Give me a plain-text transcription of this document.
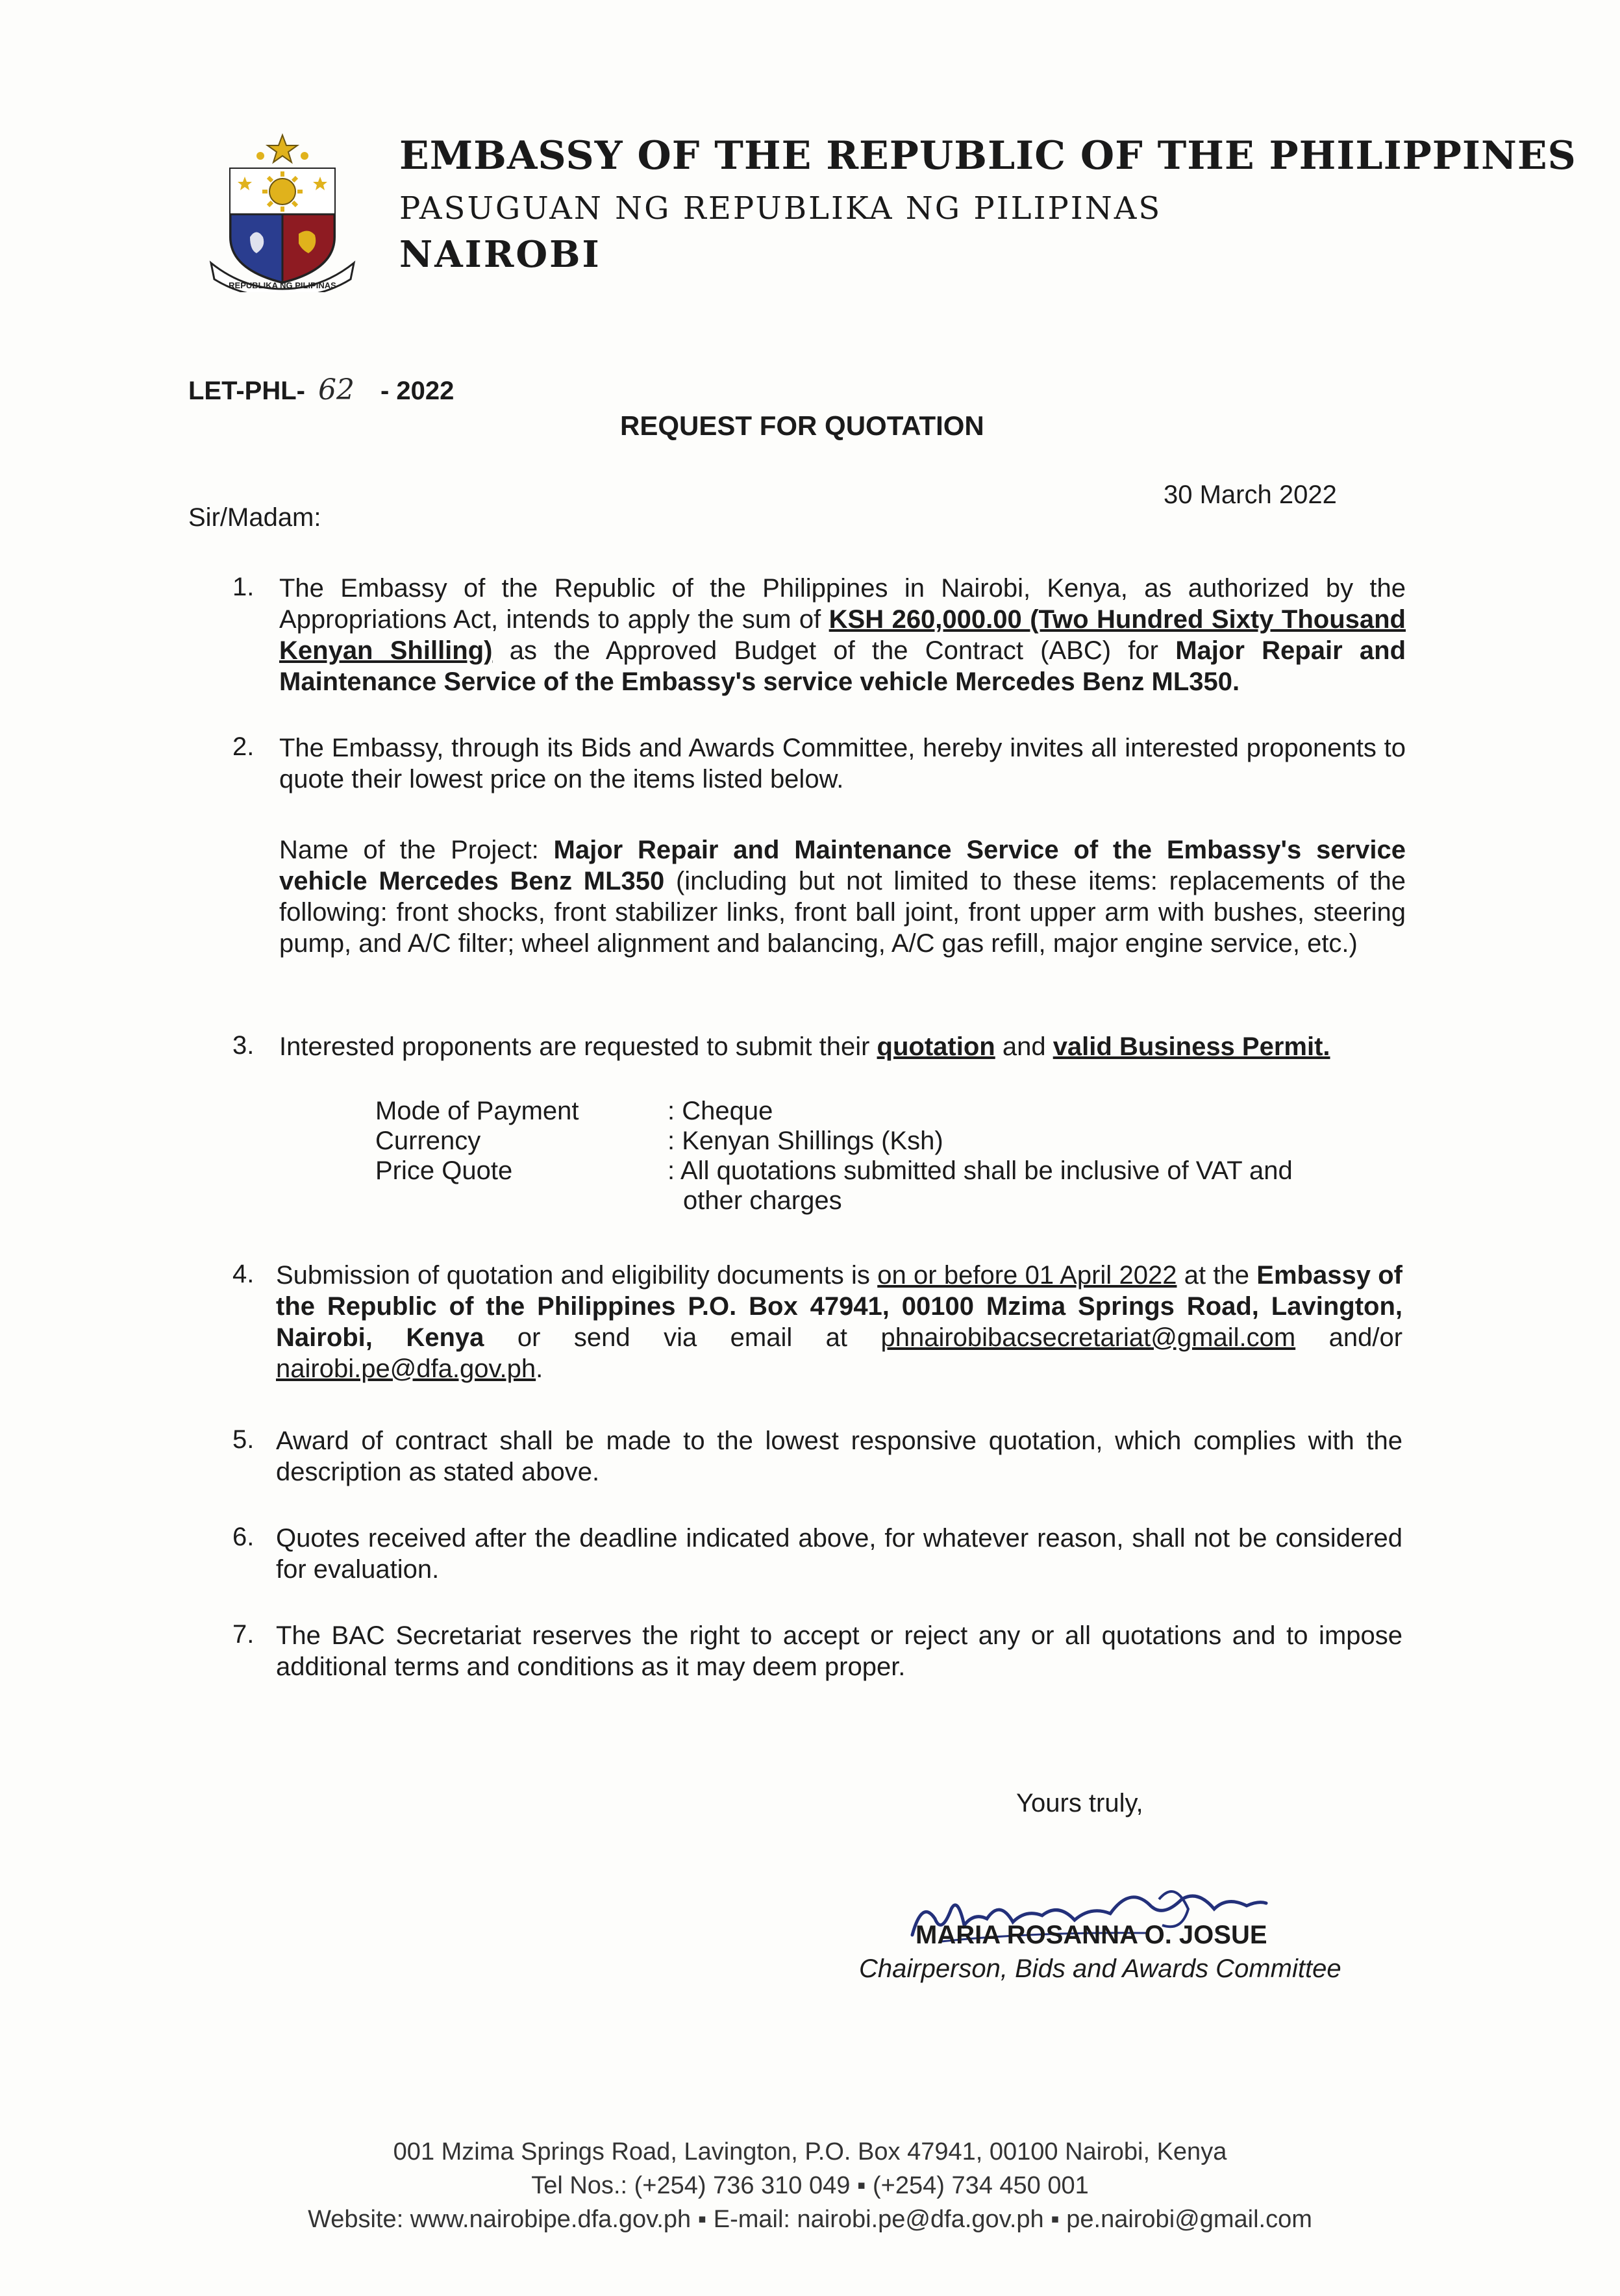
REPUBLIKA NG PILIPINAS
EMBASSY OF THE REPUBLIC OF THE PHILIPPINES
PASUGUAN NG REPUBLIKA NG PILIPINAS
NAIROBI
LET-PHL- 62 - 2022
REQUEST FOR QUOTATION
30 March 2022
Sir/Madam:
1. The Embassy of the Republic of the Philippines in Nairobi, Kenya, as authorized by the Appropriations Act, intends to apply the sum of KSH 260,000.00 (Two Hundred Sixty Thousand Kenyan Shilling) as the Approved Budget of the Contract (ABC) for Major Repair and Maintenance Service of the Embassy's service vehicle Mercedes Benz ML350.
2. The Embassy, through its Bids and Awards Committee, hereby invites all interested proponents to quote their lowest price on the items listed below.
Name of the Project: Major Repair and Maintenance Service of the Embassy's service vehicle Mercedes Benz ML350 (including but not limited to these items: replacements of the following: front shocks, front stabilizer links, front ball joint, front upper arm with bushes, steering pump, and A/C filter; wheel alignment and balancing, A/C gas refill, major engine service, etc.)
3. Interested proponents are requested to submit their quotation and valid Business Permit.
Mode of Payment	: Cheque
Currency	: Kenyan Shillings (Ksh)
Price Quote	: All quotations submitted shall be inclusive of VAT and
other charges
4. Submission of quotation and eligibility documents is on or before 01 April 2022 at the Embassy of the Republic of the Philippines P.O. Box 47941, 00100 Mzima Springs Road, Lavington, Nairobi, Kenya or send via email at phnairobibacsecretariat@gmail.com and/or nairobi.pe@dfa.gov.ph.
5. Award of contract shall be made to the lowest responsive quotation, which complies with the description as stated above.
6. Quotes received after the deadline indicated above, for whatever reason, shall not be considered for evaluation.
7. The BAC Secretariat reserves the right to accept or reject any or all quotations and to impose additional terms and conditions as it may deem proper.
Yours truly,
MARIA ROSANNA O. JOSUE
Chairperson, Bids and Awards Committee
001 Mzima Springs Road, Lavington, P.O. Box 47941, 00100 Nairobi, Kenya
Tel Nos.: (+254) 736 310 049 ▪ (+254) 734 450 001
Website: www.nairobipe.dfa.gov.ph ▪ E-mail: nairobi.pe@dfa.gov.ph ▪ pe.nairobi@gmail.com
